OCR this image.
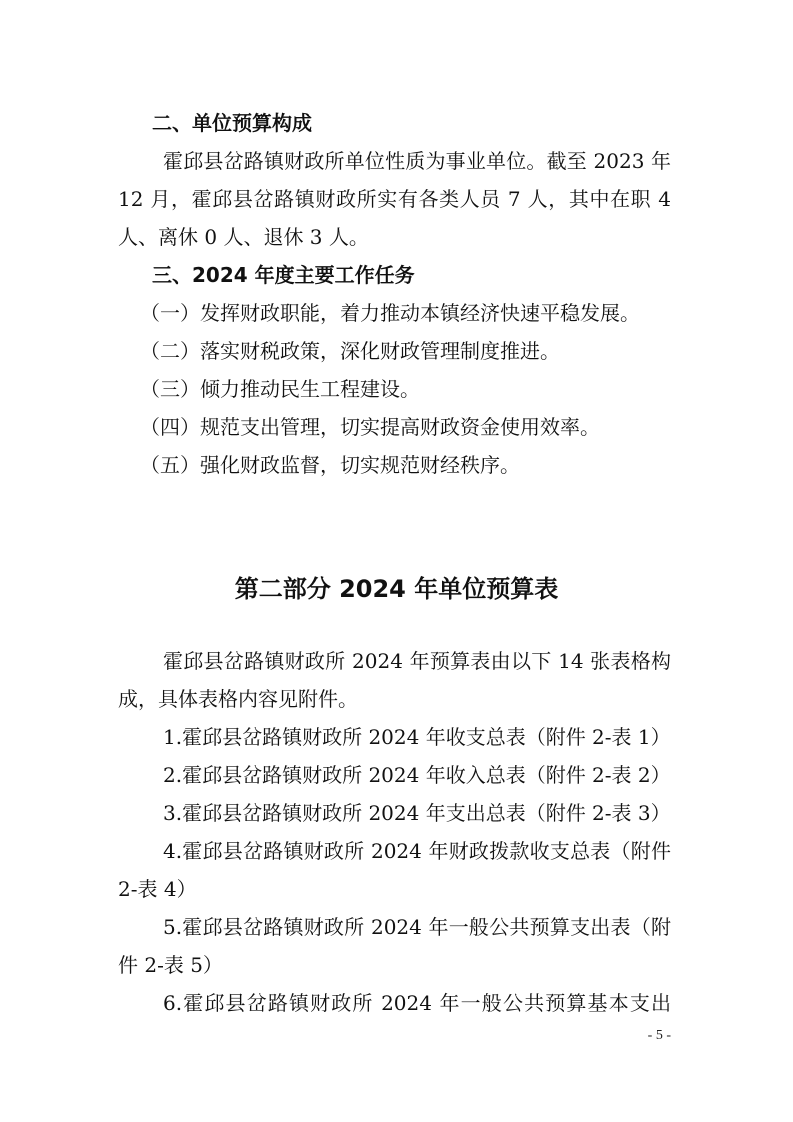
二、单位预算构成
霍邱县岔路镇财政所单位性质为事业单位。截至 2023 年
12 月，霍邱县岔路镇财政所实有各类人员 7 人，其中在职 4
人、离休 0 人、退休 3 人。
三、2024 年度主要工作任务
（一）发挥财政职能，着力推动本镇经济快速平稳发展。
（二）落实财税政策，深化财政管理制度推进。
（三）倾力推动民生工程建设。
（四）规范支出管理，切实提高财政资金使用效率。
（五）强化财政监督，切实规范财经秩序。
第二部分 2024 年单位预算表
霍邱县岔路镇财政所 2024 年预算表由以下 14 张表格构
成，具体表格内容见附件。
1.霍邱县岔路镇财政所 2024 年收支总表（附件 2-表 1）
2.霍邱县岔路镇财政所 2024 年收入总表（附件 2-表 2）
3.霍邱县岔路镇财政所 2024 年支出总表（附件 2-表 3）
4.霍邱县岔路镇财政所 2024 年财政拨款收支总表（附件
2-表 4）
5.霍邱县岔路镇财政所 2024 年一般公共预算支出表（附
件 2-表 5）
6.霍邱县岔路镇财政所 2024 年一般公共预算基本支出
- 5 -
